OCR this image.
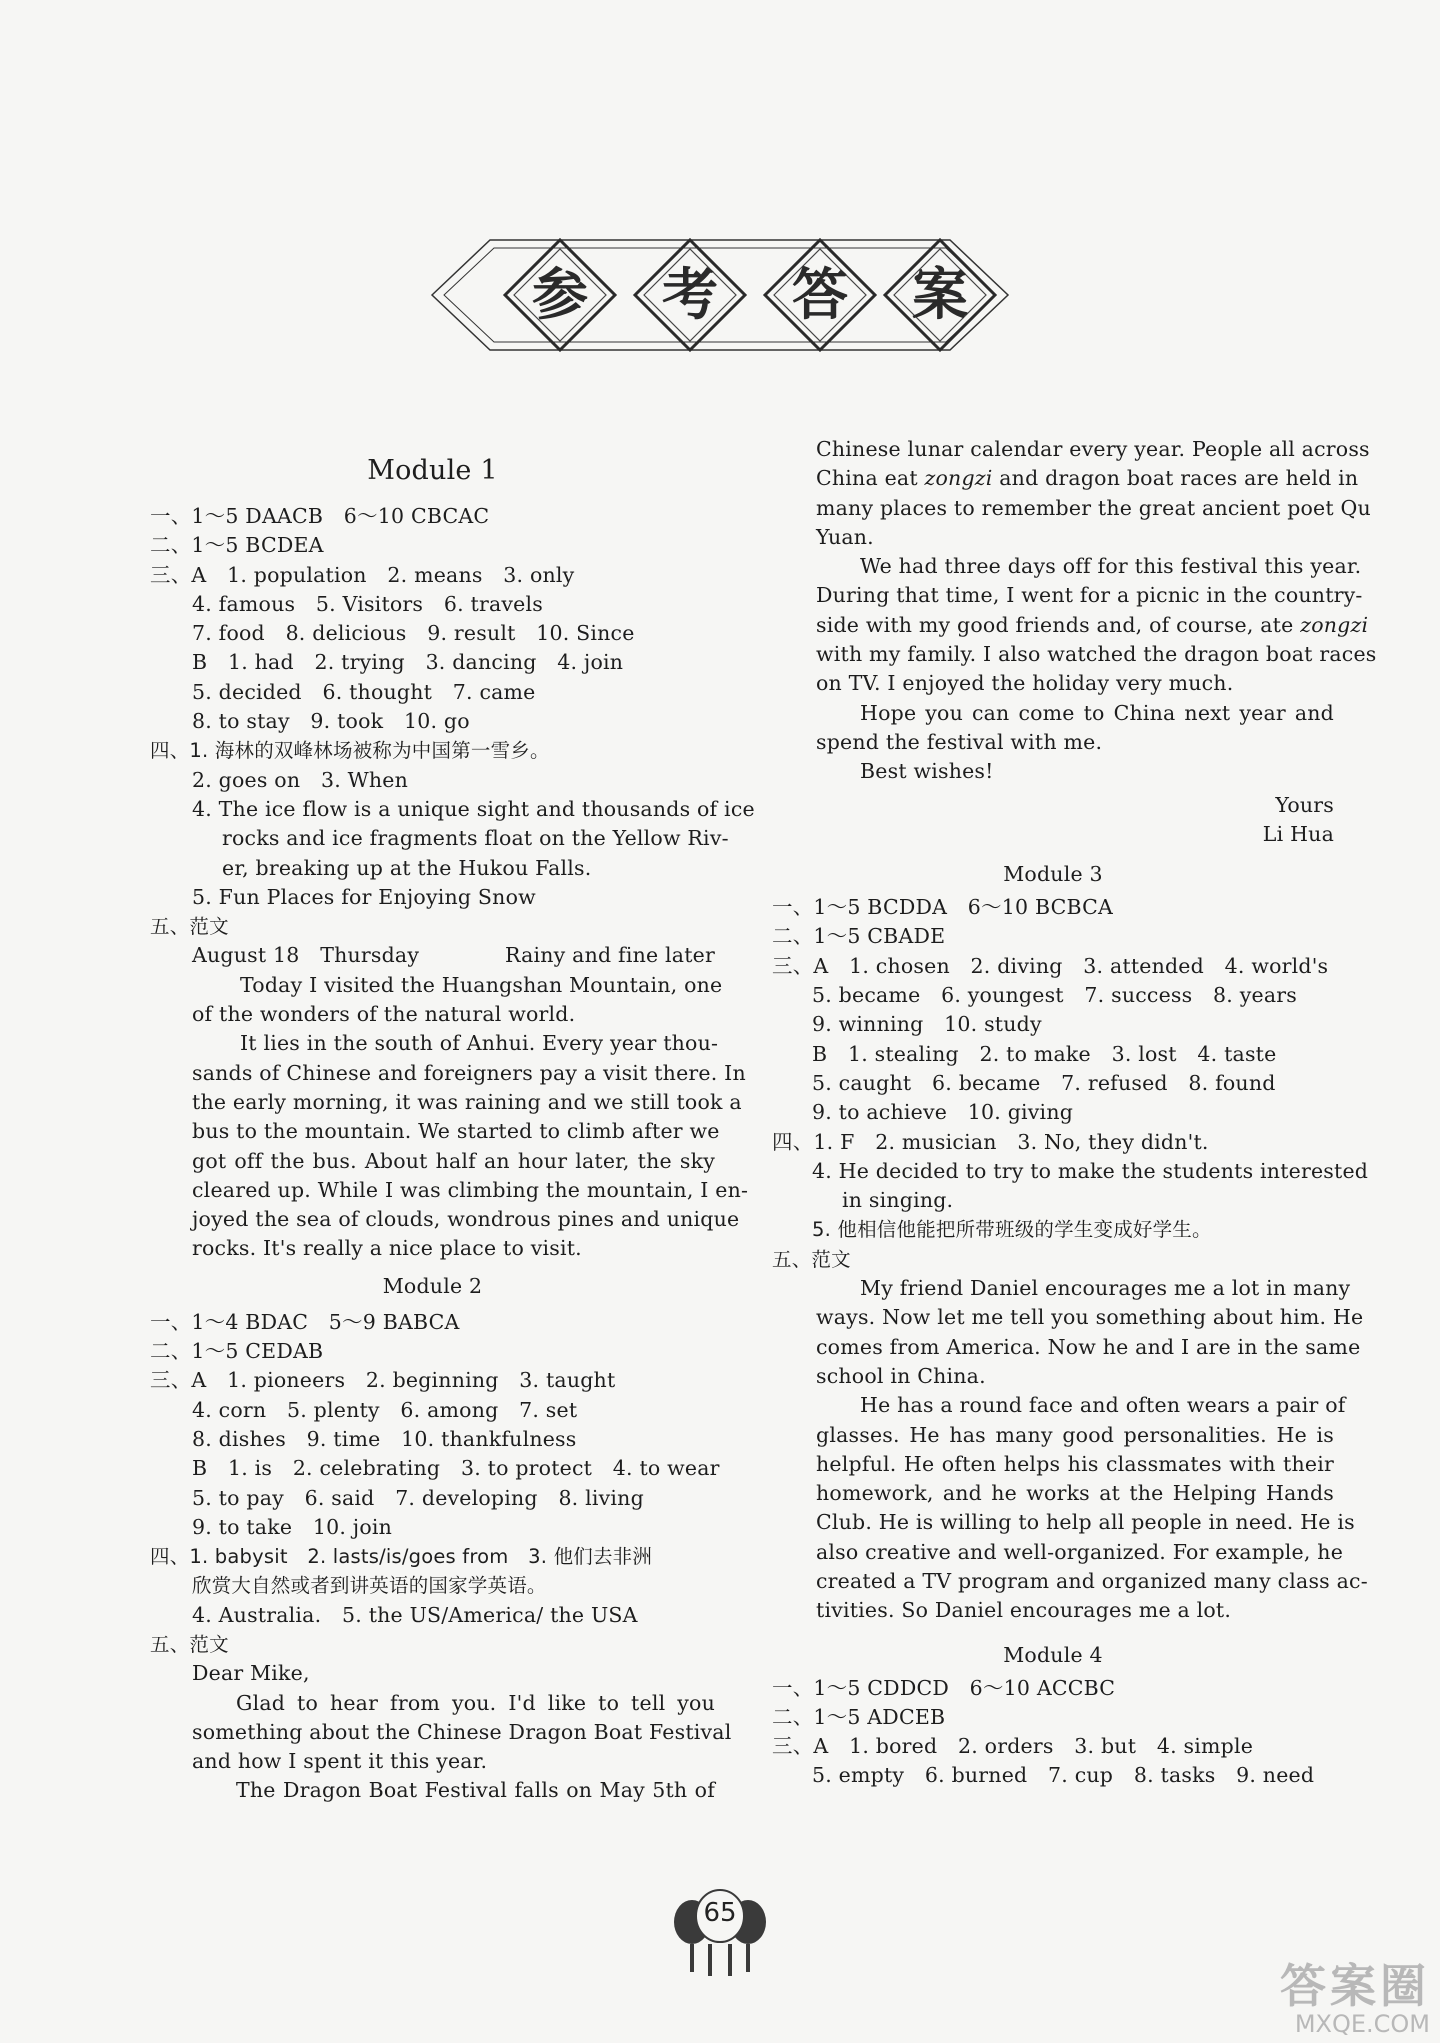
参	考	答	案
Module 1
一、1～5 DAACB　6～10 CBCAC
二、1～5 BCDEA
三、A　1. population　2. means　3. only
4. famous　5. Visitors　6. travels
7. food　8. delicious　9. result　10. Since
B　1. had　2. trying　3. dancing　4. join
5. decided　6. thought　7. came
8. to stay　9. took　10. go
四、1. 海林的双峰林场被称为中国第一雪乡。
2. goes on　3. When
4. The ice flow is a unique sight and thousands of ice
rocks and ice fragments float on the Yellow Riv-
er, breaking up at the Hukou Falls.
5. Fun Places for Enjoying Snow
五、范文
August 18　Thursday	Rainy and fine later
Today I visited the Huangshan Mountain, one
of the wonders of the natural world.
It lies in the south of Anhui. Every year thou-
sands of Chinese and foreigners pay a visit there. In
the early morning, it was raining and we still took a
bus to the mountain. We started to climb after we
got off the bus. About half an hour later, the sky
cleared up. While I was climbing the mountain, I en-
joyed the sea of clouds, wondrous pines and unique
rocks. It's really a nice place to visit.
Module 2
一、1～4 BDAC　5～9 BABCA
二、1～5 CEDAB
三、A　1. pioneers　2. beginning　3. taught
4. corn　5. plenty　6. among　7. set
8. dishes　9. time　10. thankfulness
B　1. is　2. celebrating　3. to protect　4. to wear
5. to pay　6. said　7. developing　8. living
9. to take　10. join
四、1. babysit　2. lasts/is/goes from　3. 他们去非洲
欣赏大自然或者到讲英语的国家学英语。
4. Australia.　5. the US/America/ the USA
五、范文
Dear Mike,
Glad to hear from you. I'd like to tell you
something about the Chinese Dragon Boat Festival
and how I spent it this year.
The Dragon Boat Festival falls on May 5th of
Chinese lunar calendar every year. People all across
China eat zongzi and dragon boat races are held in
many places to remember the great ancient poet Qu
Yuan.
We had three days off for this festival this year.
During that time, I went for a picnic in the country-
side with my good friends and, of course, ate zongzi
with my family. I also watched the dragon boat races
on TV. I enjoyed the holiday very much.
Hope you can come to China next year and
spend the festival with me.
Best wishes!
Yours
Li Hua
Module 3
一、1～5 BCDDA　6～10 BCBCA
二、1～5 CBADE
三、A　1. chosen　2. diving　3. attended　4. world's
5. became　6. youngest　7. success　8. years
9. winning　10. study
B　1. stealing　2. to make　3. lost　4. taste
5. caught　6. became　7. refused　8. found
9. to achieve　10. giving
四、1. F　2. musician　3. No, they didn't.
4. He decided to try to make the students interested
in singing.
5. 他相信他能把所带班级的学生变成好学生。
五、范文
My friend Daniel encourages me a lot in many
ways. Now let me tell you something about him. He
comes from America. Now he and I are in the same
school in China.
He has a round face and often wears a pair of
glasses. He has many good personalities. He is
helpful. He often helps his classmates with their
homework, and he works at the Helping Hands
Club. He is willing to help all people in need. He is
also creative and well-organized. For example, he
created a TV program and organized many class ac-
tivities. So Daniel encourages me a lot.
Module 4
一、1～5 CDDCD　6～10 ACCBC
二、1～5 ADCEB
三、A　1. bored　2. orders　3. but　4. simple
5. empty　6. burned　7. cup　8. tasks　9. need
65
答案圈
MXQE.COM
